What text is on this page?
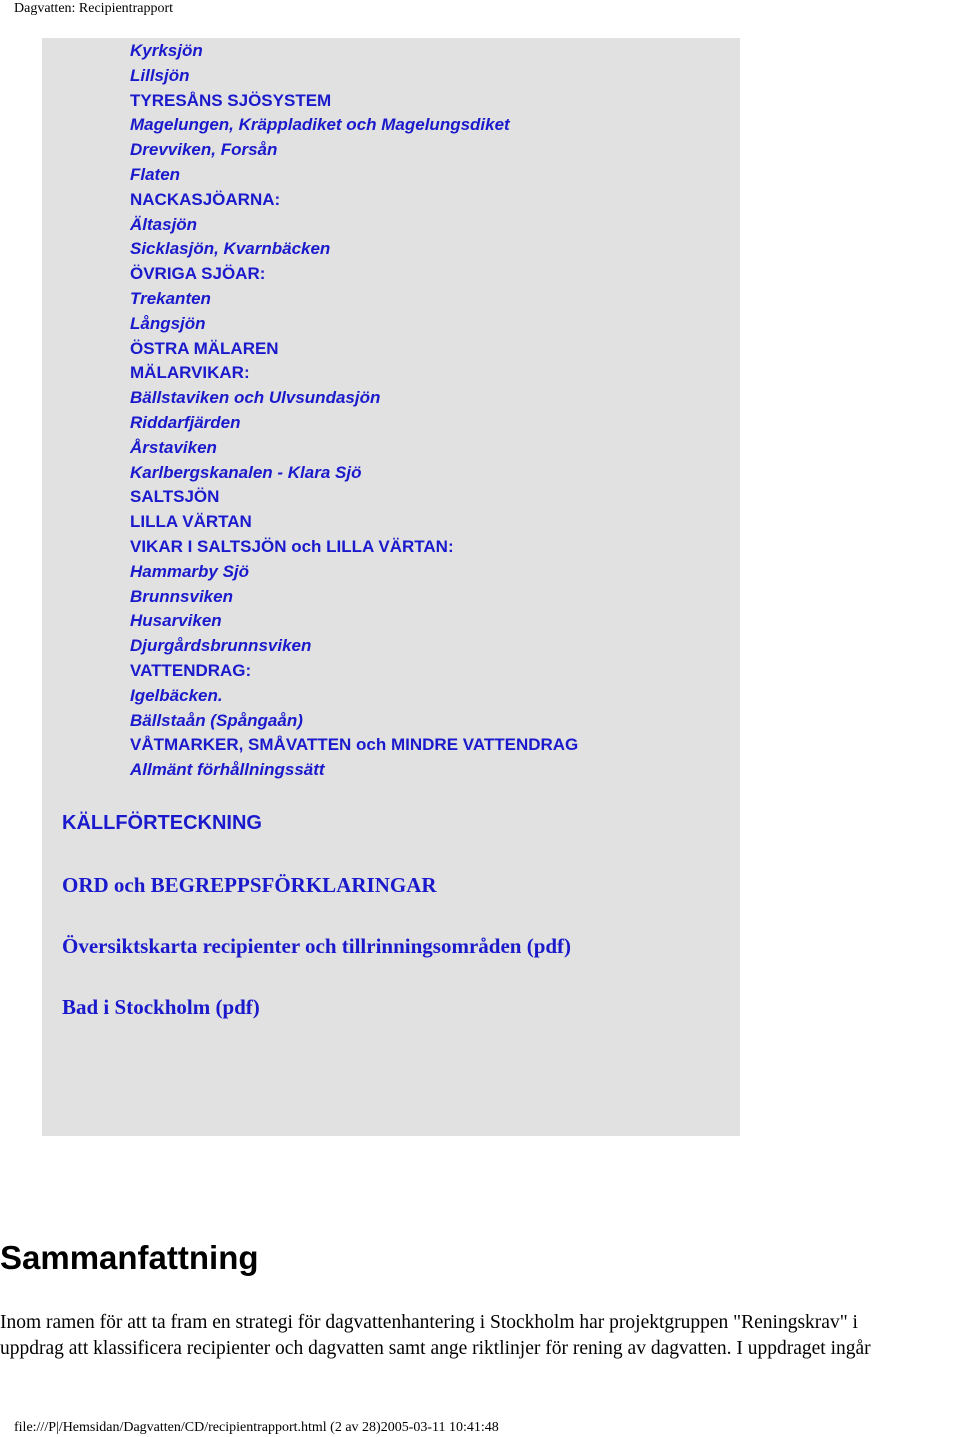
Dagvatten: Recipientrapport
Kyrksjön
Lillsjön
TYRESÅNS SJÖSYSTEM
Magelungen, Kräppladiket och Magelungsdiket
Drevviken, Forsån
Flaten
NACKASJÖARNA:
Ältasjön
Sicklasjön, Kvarnbäcken
ÖVRIGA SJÖAR:
Trekanten
Långsjön
ÖSTRA MÄLAREN
MÄLARVIKAR:
Bällstaviken och Ulvsundasjön
Riddarfjärden
Årstaviken
Karlbergskanalen - Klara Sjö
SALTSJÖN
LILLA VÄRTAN
VIKAR I SALTSJÖN och LILLA VÄRTAN:
Hammarby Sjö
Brunnsviken
Husarviken
Djurgårdsbrunnsviken
VATTENDRAG:
Igelbäcken.
Bällstaån (Spångaån)
VÅTMARKER, SMÅVATTEN och MINDRE VATTENDRAG
Allmänt förhållningssätt
KÄLLFÖRTECKNING
ORD och BEGREPPSFÖRKLARINGAR
Översiktskarta recipienter och tillrinningsområden (pdf)
Bad i Stockholm (pdf)
Sammanfattning
Inom ramen för att ta fram en strategi för dagvattenhantering i Stockholm har projektgruppen "Reningskrav" i
uppdrag att klassificera recipienter och dagvatten samt ange riktlinjer för rening av dagvatten. I uppdraget ingår
file:///P|/Hemsidan/Dagvatten/CD/recipientrapport.html (2 av 28)2005-03-11 10:41:48
